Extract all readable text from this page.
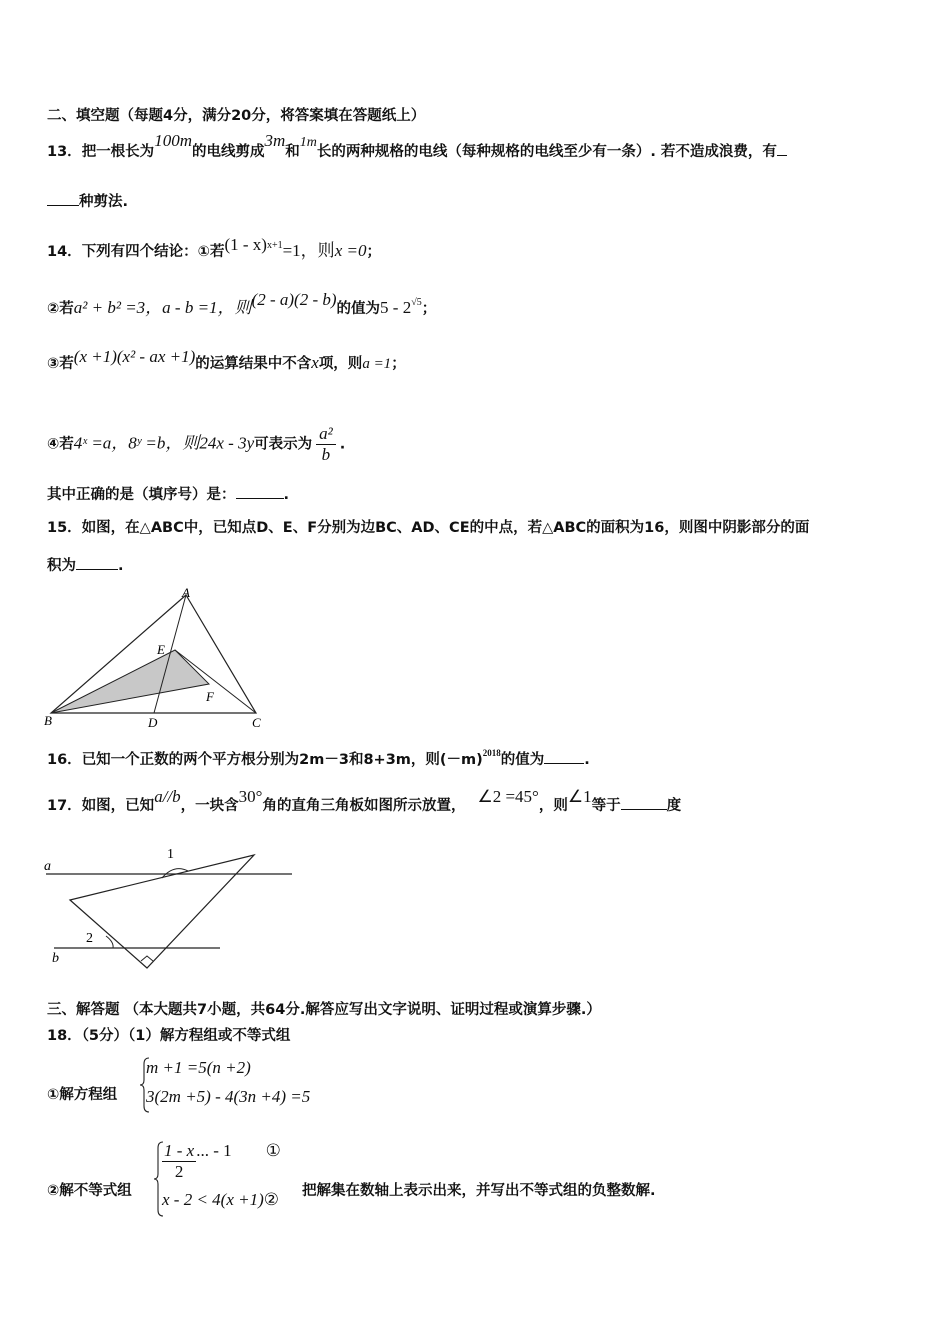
二、填空题（每题4分，满分20分，将答案填在答题纸上）
13．把一根长为100m的电线剪成3m和1m长的两种规格的电线（每种规格的电线至少有一条）. 若不造成浪费，有
种剪法.
14．下列有四个结论：①若(1 - x)$^{x+1}$=1，则x =0；
②若a² + b² =3，a - b =1，则(2 - a)(2 - b)的值为$5 - 2^{√5}$；
③若(x +1)(x² - ax +1)的运算结果中不含x项，则a =1；
④若4ˣ =a，8ʸ =b，则24x - 3y可表示为 $\frac{\text{a²}}{b}$ .
其中正确的是（填序号）是：	.
15．如图，在△ABC中，已知点D、E、F分别为边BC、AD、CE的中点，若△ABC的面积为16，则图中阴影部分的面
积为	.
A
B	C
D
E
F
16．已知一个正数的两个平方根分别为2m－3和8+3m，则$(-m)^{2018}$的值为	.
17．如图，已知a//b，一块含30°角的直角三角板如图所示放置， ∠2 =45°，则∠1等于	度
a
b
1
2
三、解答题 （本大题共7小题，共64分.解答应写出文字说明、证明过程或演算步骤.）
18．（5分）（1）解方程组或不等式组
①解方程组
m +1 =5(n +2)
3(2m +5) - 4(3n +4) =5
②解不等式组
$\frac{1 - x}{2}$ ... - 1 ①
x - 2 < 4(x +1)② 把解集在数轴上表示出来，并写出不等式组的负整数解.
